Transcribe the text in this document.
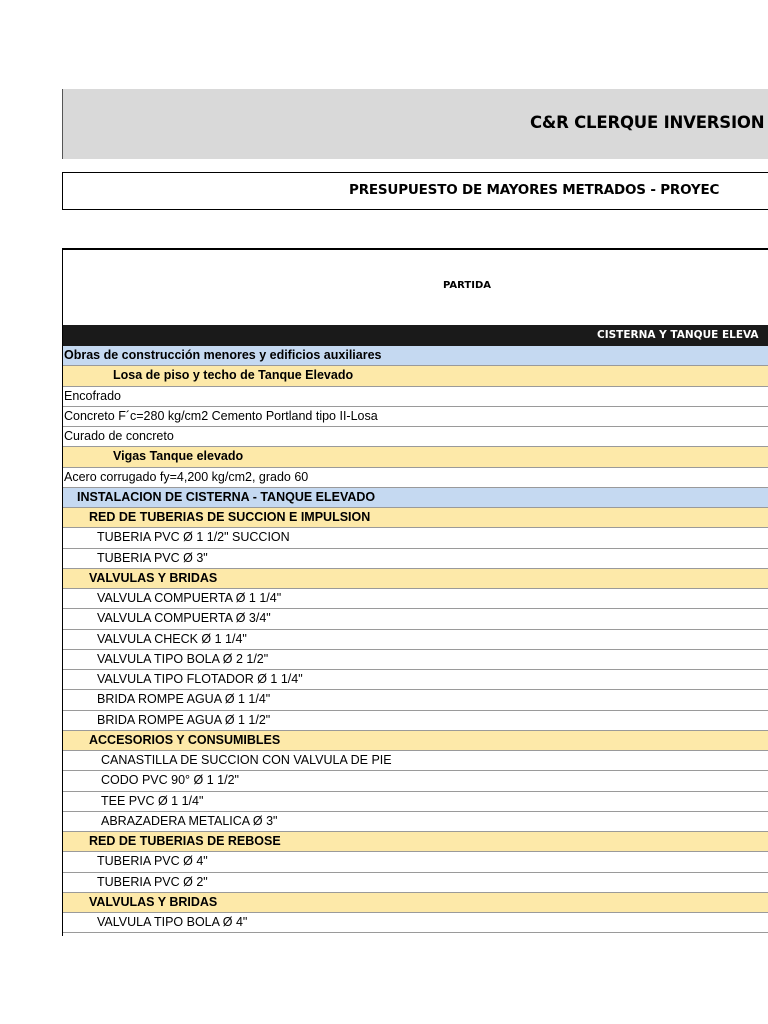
C&R CLERQUE INVERSION
PRESUPUESTO DE MAYORES METRADOS - PROYEC
PARTIDA
CISTERNA Y TANQUE ELEVA
Obras de construcción menores y edificios auxiliares
Losa de piso y techo de Tanque Elevado
Encofrado
Concreto F´c=280 kg/cm2 Cemento Portland tipo II-Losa
Curado de concreto
Vigas Tanque elevado
Acero corrugado fy=4,200 kg/cm2, grado 60
INSTALACION DE CISTERNA - TANQUE ELEVADO
RED DE TUBERIAS DE SUCCION E IMPULSION
TUBERIA PVC Ø 1 1/2" SUCCION
TUBERIA PVC Ø 3"
VALVULAS Y BRIDAS
VALVULA COMPUERTA Ø 1 1/4"
VALVULA COMPUERTA Ø 3/4"
VALVULA CHECK Ø 1 1/4"
VALVULA TIPO BOLA Ø 2 1/2"
VALVULA TIPO FLOTADOR Ø 1 1/4"
BRIDA ROMPE AGUA Ø 1 1/4"
BRIDA ROMPE AGUA Ø 1 1/2"
ACCESORIOS Y CONSUMIBLES
CANASTILLA DE SUCCION CON VALVULA DE PIE
CODO PVC 90° Ø 1 1/2"
TEE PVC Ø 1 1/4"
ABRAZADERA METALICA Ø 3"
RED DE TUBERIAS DE REBOSE
TUBERIA PVC Ø 4"
TUBERIA PVC Ø 2"
VALVULAS Y BRIDAS
VALVULA TIPO BOLA Ø 4"
